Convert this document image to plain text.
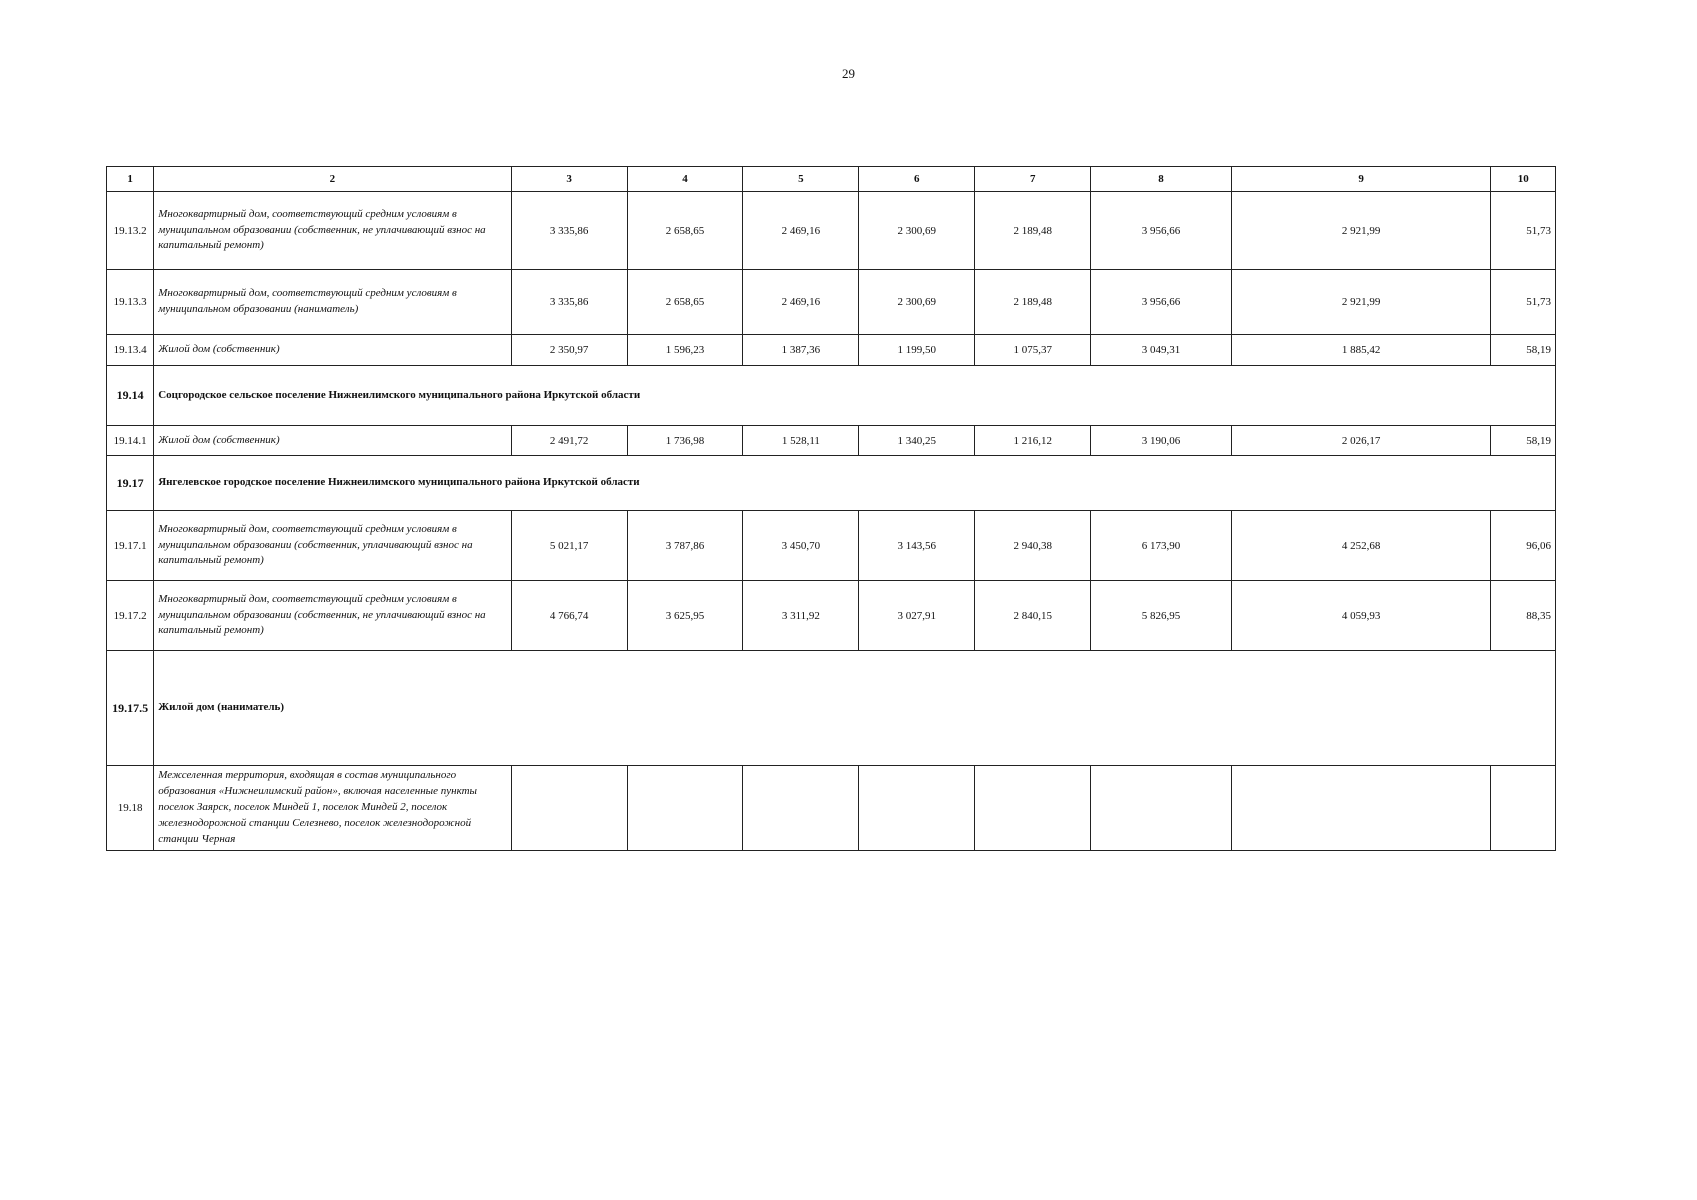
29
1	2	3	4	5	6	7	8	9	10
19.13.2	Многоквартирный дом, соответствующий средним условиям в муниципальном образовании (собственник, не уплачивающий взнос на капитальный ремонт)	3 335,86	2 658,65	2 469,16	2 300,69	2 189,48	3 956,66	2 921,99	51,73
19.13.3	Многоквартирный дом, соответствующий средним условиям в муниципальном образовании (наниматель)	3 335,86	2 658,65	2 469,16	2 300,69	2 189,48	3 956,66	2 921,99	51,73
19.13.4	Жилой дом (собственник)	2 350,97	1 596,23	1 387,36	1 199,50	1 075,37	3 049,31	1 885,42	58,19
19.14	Соцгородское сельское поселение Нижнеилимского муниципального района Иркутской области								
19.14.1	Жилой дом (собственник)	2 491,72	1 736,98	1 528,11	1 340,25	1 216,12	3 190,06	2 026,17	58,19
19.17	Янгелевское городское поселение Нижнеилимского муниципального района Иркутской области								
19.17.1	Многоквартирный дом, соответствующий средним условиям в муниципальном образовании (собственник, уплачивающий взнос на капитальный ремонт)	5 021,17	3 787,86	3 450,70	3 143,56	2 940,38	6 173,90	4 252,68	96,06
19.17.2	Многоквартирный дом, соответствующий средним условиям в муниципальном образовании (собственник, не уплачивающий взнос на капитальный ремонт)	4 766,74	3 625,95	3 311,92	3 027,91	2 840,15	5 826,95	4 059,93	88,35
19.17.5	Жилой дом (наниматель)								
19.18	Межселенная территория, входящая в состав муниципального образования «Нижнеилимский район», включая населенные пункты поселок Заярск, поселок Миндей 1, поселок Миндей 2, поселок железнодорожной станции Селезнево, поселок железнодорожной станции Черная								
